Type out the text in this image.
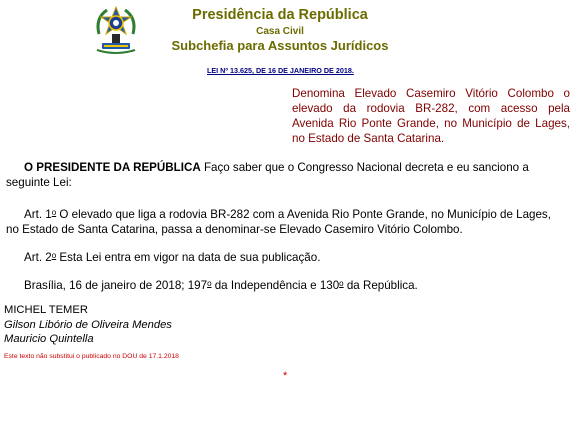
Presidência da República
Casa Civil
Subchefia para Assuntos Jurídicos
LEI Nº 13.625, DE 16 DE JANEIRO DE 2018.
Denomina Elevado Casemiro Vitório Colombo o elevado da rodovia BR-282, com acesso pela Avenida Rio Ponte Grande, no Município de Lages, no Estado de Santa Catarina.
O PRESIDENTE DA REPÚBLICA Faço saber que o Congresso Nacional decreta e eu sanciono a seguinte Lei:
Art. 1$^o$ O elevado que liga a rodovia BR-282 com a Avenida Rio Ponte Grande, no Município de Lages, no Estado de Santa Catarina, passa a denominar-se Elevado Casemiro Vitório Colombo.
Art. 2$^o$ Esta Lei entra em vigor na data de sua publicação.
Brasília, 16 de janeiro de 2018; 197$^o$ da Independência e 130$^o$ da República.
MICHEL TEMER
Gilson Libório de Oliveira Mendes
Mauricio Quintella
Este texto não substitui o publicado no DOU de 17.1.2018
*
